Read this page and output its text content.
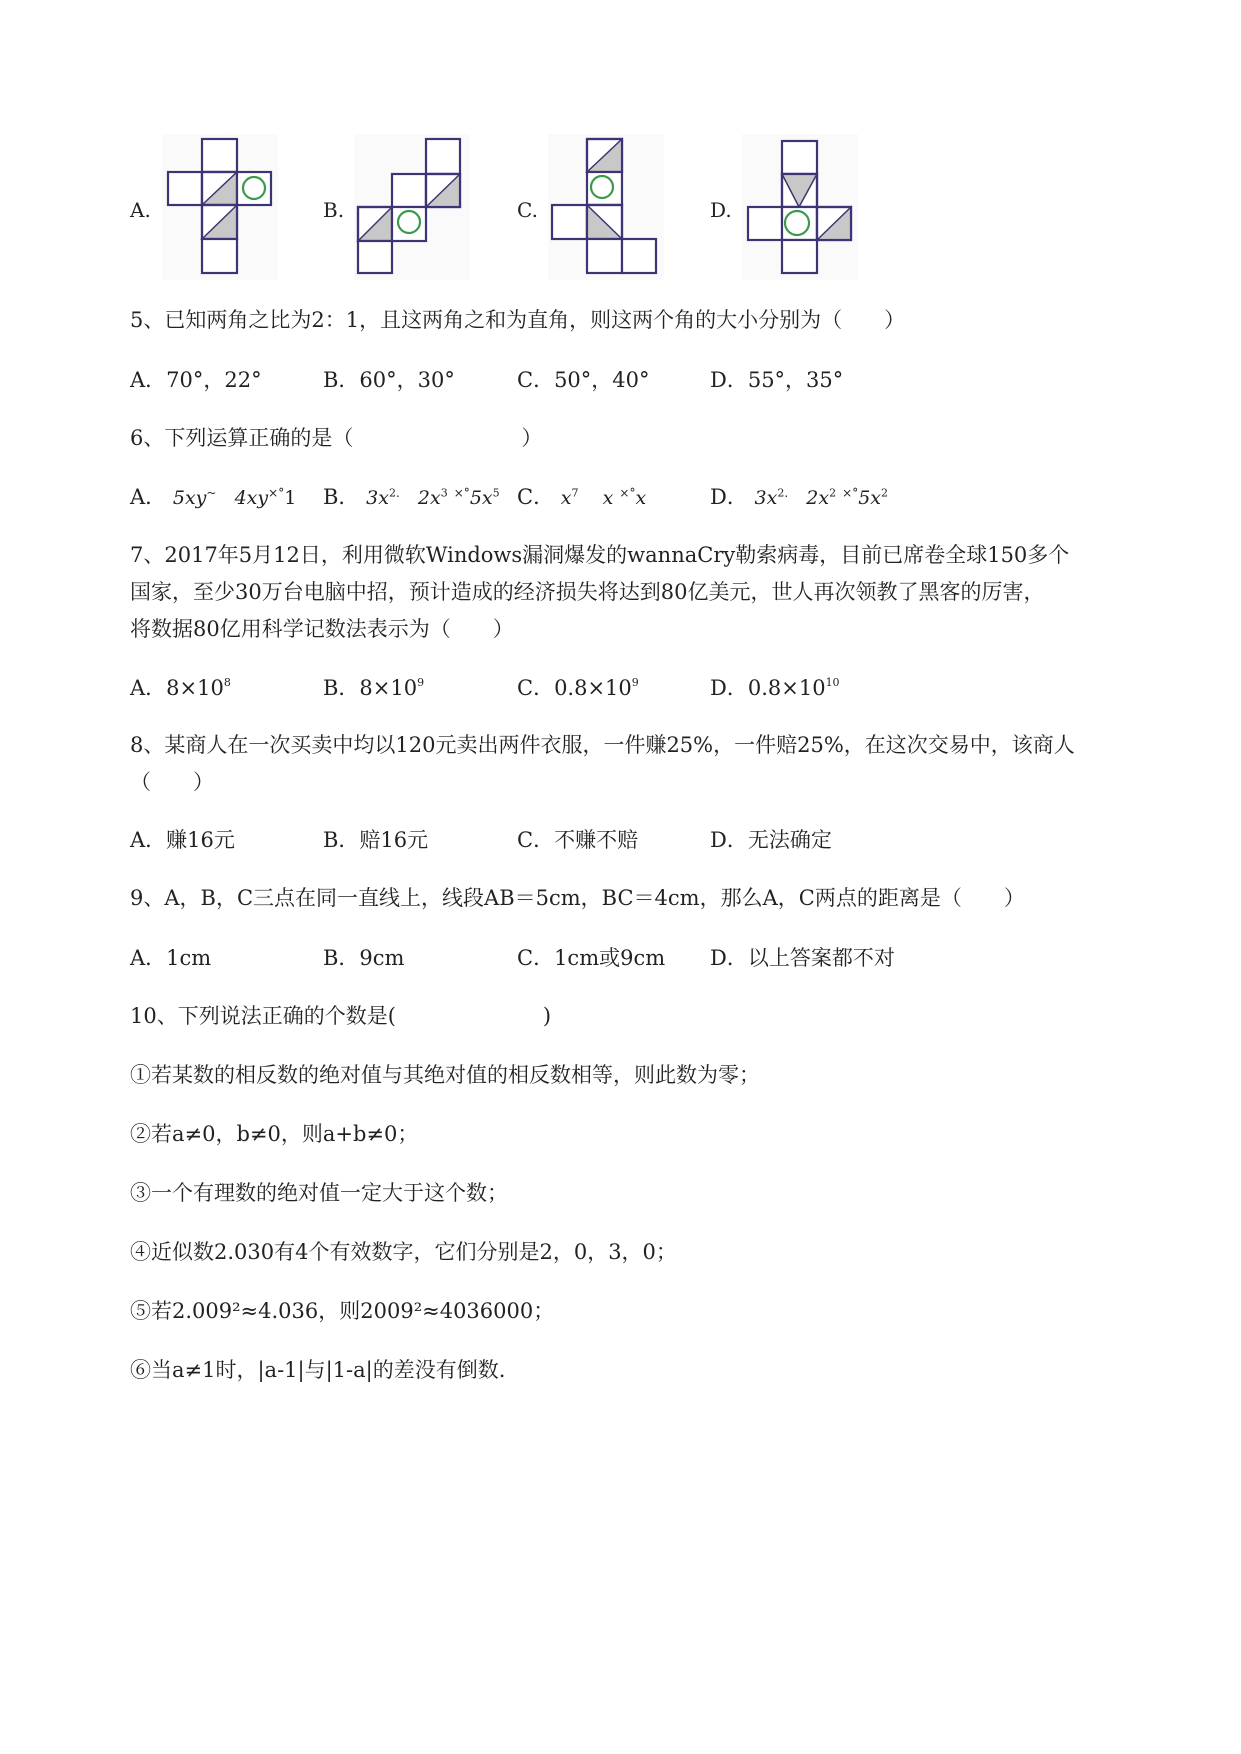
A.	B.	C.	D.
5、已知两角之比为2：1，且这两角之和为直角，则这两个角的大小分别为（　　）
A．70°，22°	B．60°，30°	C．50°，40°	D．55°，35°
6、下列运算正确的是（　　　　　　　　）
A． 5xy~ 4xy×°1 B． $3x^{2.}$ $2x^3$ $^{\times^\circ}5x^5$ C． $x^7$ x ×°x	D． $3x^{2.}$ $2x^2$ $^{\times^\circ}5x^2$
7、2017年5月12日，利用微软Windows漏洞爆发的wannaCry勒索病毒，目前已席卷全球150多个
国家，至少30万台电脑中招，预计造成的经济损失将达到80亿美元，世人再次领教了黑客的厉害，
将数据80亿用科学记数法表示为（　　）
A．$8\times 10^8$	B．$8\times 10^9$	C．$0.8\times 10^9$	D．$0.8\times 10^{10}$
8、某商人在一次买卖中均以120元卖出两件衣服，一件赚25%，一件赔25%，在这次交易中，该商人
（　　）
A．赚16元	B．赔16元	C．不赚不赔	D．无法确定
9、A，B，C三点在同一直线上，线段AB＝5cm，BC＝4cm，那么A，C两点的距离是（　　）
A．1cm	B．9cm	C．1cm或9cm D．以上答案都不对
10、下列说法正确的个数是(　　　　　　　)
①若某数的相反数的绝对值与其绝对值的相反数相等，则此数为零；
②若a≠0，b≠0，则a+b≠0；
③一个有理数的绝对值一定大于这个数；
④近似数2.030有4个有效数字，它们分别是2，0，3，0；
⑤若2.009²≈4.036，则2009²≈4036000；
⑥当a≠1时，|a-1|与|1-a|的差没有倒数.
